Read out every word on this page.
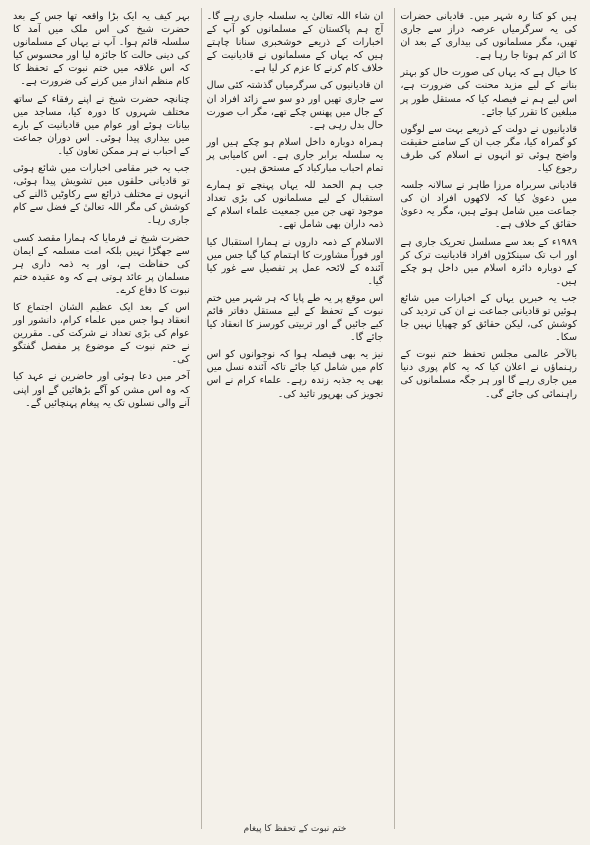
ہیں کو کتا رہ شہر میں۔ قادیانی حضرات کی یہ سرگرمیاں عرصہ دراز سے جاری تھیں، مگر مسلمانوں کی بیداری کے بعد ان کا اثر کم ہوتا جا رہا ہے۔

کا خیال ہے کہ یہاں کی صورت حال کو بہتر بنانے کے لیے مزید محنت کی ضرورت ہے، اس لیے ہم نے فیصلہ کیا کہ مستقل طور پر مبلغین کا تقرر کیا جائے۔

قادیانیوں نے دولت کے ذریعے بہت سے لوگوں کو گمراہ کیا، مگر جب ان کے سامنے حقیقت واضح ہوئی تو انہوں نے اسلام کی طرف رجوع کیا۔

قادیانی سربراہ مرزا طاہر نے سالانہ جلسہ میں دعویٰ کیا کہ لاکھوں افراد ان کی جماعت میں شامل ہوئے ہیں، مگر یہ دعویٰ حقائق کے خلاف ہے۔

۱۹۸۹ء کے بعد سے مسلسل تحریک جاری ہے اور اب تک سینکڑوں افراد قادیانیت ترک کر کے دوبارہ دائرہ اسلام میں داخل ہو چکے ہیں۔

جب یہ خبریں یہاں کے اخبارات میں شائع ہوئیں تو قادیانی جماعت نے ان کی تردید کی کوشش کی، لیکن حقائق کو چھپایا نہیں جا سکا۔

بالآخر عالمی مجلس تحفظ ختم نبوت کے رہنماؤں نے اعلان کیا کہ یہ کام پوری دنیا میں جاری رہے گا اور ہر جگہ مسلمانوں کی راہنمائی کی جائے گی۔

ان شاء اللہ تعالیٰ یہ سلسلہ جاری رہے گا۔ آج ہم پاکستان کے مسلمانوں کو آپ کے اخبارات کے ذریعے خوشخبری سنانا چاہتے ہیں کہ یہاں کے مسلمانوں نے قادیانیت کے خلاف کام کرنے کا عزم کر لیا ہے۔

ان قادیانیوں کی سرگرمیاں گذشتہ کئی سال سے جاری تھیں اور دو سو سے زائد افراد ان کے جال میں پھنس چکے تھے، مگر اب صورت حال بدل رہی ہے۔

ہمراہ دوبارہ داخل اسلام ہو چکے ہیں اور یہ سلسلہ برابر جاری ہے۔ اس کامیابی پر تمام احباب مبارکباد کے مستحق ہیں۔

جب ہم الحمد للہ یہاں پہنچے تو ہمارے استقبال کے لیے مسلمانوں کی بڑی تعداد موجود تھی جن میں جمعیت علماء اسلام کے ذمہ داران بھی شامل تھے۔

الاسلام کے ذمہ داروں نے ہمارا استقبال کیا اور فوراً مشاورت کا اہتمام کیا گیا جس میں آئندہ کے لائحہ عمل پر تفصیل سے غور کیا گیا۔

اس موقع پر یہ طے پایا کہ ہر شہر میں ختم نبوت کے تحفظ کے لیے مستقل دفاتر قائم کیے جائیں گے اور تربیتی کورسز کا انعقاد کیا جائے گا۔

نیز یہ بھی فیصلہ ہوا کہ نوجوانوں کو اس کام میں شامل کیا جائے تاکہ آئندہ نسل میں بھی یہ جذبہ زندہ رہے۔ علماء کرام نے اس تجویز کی بھرپور تائید کی۔

بہر کیف یہ ایک بڑا واقعہ تھا جس کے بعد حضرت شیخ کی اس ملک میں آمد کا سلسلہ قائم ہوا۔ آپ نے یہاں کے مسلمانوں کی دینی حالت کا جائزہ لیا اور محسوس کیا کہ اس علاقہ میں ختم نبوت کے تحفظ کا کام منظم انداز میں کرنے کی ضرورت ہے۔

چنانچہ حضرت شیخ نے اپنے رفقاء کے ساتھ مختلف شہروں کا دورہ کیا، مساجد میں بیانات ہوئے اور عوام میں قادیانیت کے بارے میں بیداری پیدا ہوئی۔ اس دوران جماعت کے احباب نے ہر ممکن تعاون کیا۔

جب یہ خبر مقامی اخبارات میں شائع ہوئی تو قادیانی حلقوں میں تشویش پیدا ہوئی، انہوں نے مختلف ذرائع سے رکاوٹیں ڈالنے کی کوشش کی مگر اللہ تعالیٰ کے فضل سے کام جاری رہا۔

حضرت شیخ نے فرمایا کہ ہمارا مقصد کسی سے جھگڑا نہیں بلکہ امت مسلمہ کے ایمان کی حفاظت ہے، اور یہ ذمہ داری ہر مسلمان پر عائد ہوتی ہے کہ وہ عقیدہ ختم نبوت کا دفاع کرے۔

اس کے بعد ایک عظیم الشان اجتماع کا انعقاد ہوا جس میں علماء کرام، دانشور اور عوام کی بڑی تعداد نے شرکت کی۔ مقررین نے ختم نبوت کے موضوع پر مفصل گفتگو کی۔

آخر میں دعا ہوئی اور حاضرین نے عہد کیا کہ وہ اس مشن کو آگے بڑھائیں گے اور اپنی آنے والی نسلوں تک یہ پیغام پہنچائیں گے۔

ختم نبوت کے تحفظ کا پیغام
